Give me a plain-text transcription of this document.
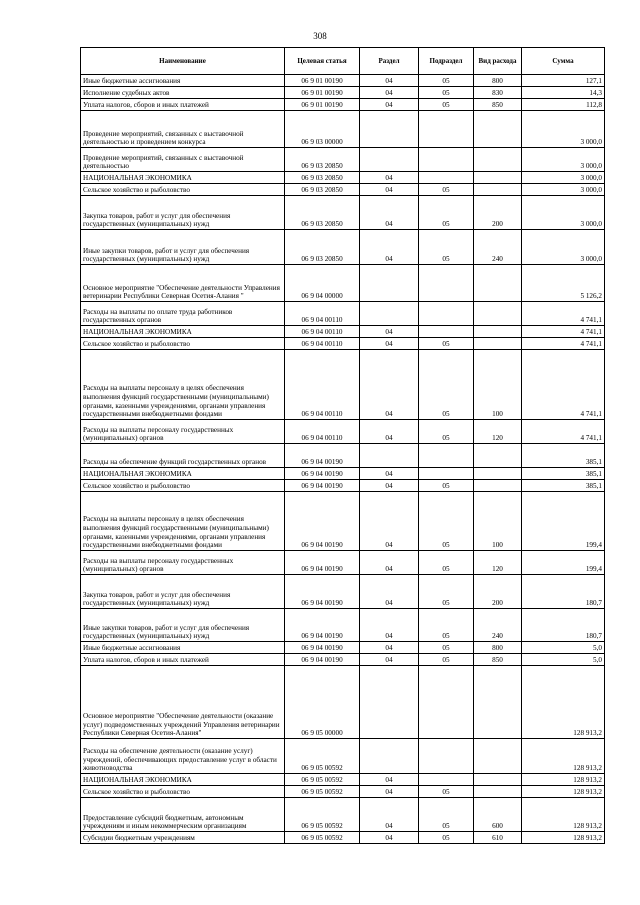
308
Наименование	Целевая статья	Раздел	Подраздел	Вид расхода	Сумма
Иные бюджетные ассигнования	06 9 01 00190	04	05	800	127,1
Исполнение судебных актов	06 9 01 00190	04	05	830	14,3
Уплата налогов, сборов и иных платежей	06 9 01 00190	04	05	850	112,8
Проведение мероприятий, связанных с выставочной деятельностью и проведением конкурса	06 9 03 00000				3 000,0
Проведение мероприятий, связанных с выставочной деятельностью	06 9 03 20850				3 000,0
НАЦИОНАЛЬНАЯ ЭКОНОМИКА	06 9 03 20850	04			3 000,0
Сельское хозяйство и рыболовство	06 9 03 20850	04	05		3 000,0
Закупка товаров, работ и услуг для обеспечения государственных (муниципальных) нужд	06 9 03 20850	04	05	200	3 000,0
Иные закупки товаров, работ и услуг для обеспечения государственных (муниципальных) нужд	06 9 03 20850	04	05	240	3 000,0
Основное мероприятие "Обеспечение деятельности Управления ветеринарии Республики Северная Осетия-Алания "	06 9 04 00000				5 126,2
Расходы на выплаты по оплате труда работников государственных органов	06 9 04 00110				4 741,1
НАЦИОНАЛЬНАЯ ЭКОНОМИКА	06 9 04 00110	04			4 741,1
Сельское хозяйство и рыболовство	06 9 04 00110	04	05		4 741,1
Расходы на выплаты персоналу в целях обеспечения выполнения функций государственными (муниципальными) органами, казенными учреждениями, органами управления государственными внебюджетными фондами	06 9 04 00110	04	05	100	4 741,1
Расходы на выплаты персоналу государственных (муниципальных) органов	06 9 04 00110	04	05	120	4 741,1
Расходы на обеспечение функций государственных органов	06 9 04 00190				385,1
НАЦИОНАЛЬНАЯ ЭКОНОМИКА	06 9 04 00190	04			385,1
Сельское хозяйство и рыболовство	06 9 04 00190	04	05		385,1
Расходы на выплаты персоналу в целях обеспечения выполнения функций государственными (муниципальными) органами, казенными учреждениями, органами управления государственными внебюджетными фондами	06 9 04 00190	04	05	100	199,4
Расходы на выплаты персоналу государственных (муниципальных) органов	06 9 04 00190	04	05	120	199,4
Закупка товаров, работ и услуг для обеспечения государственных (муниципальных) нужд	06 9 04 00190	04	05	200	180,7
Иные закупки товаров, работ и услуг для обеспечения государственных (муниципальных) нужд	06 9 04 00190	04	05	240	180,7
Иные бюджетные ассигнования	06 9 04 00190	04	05	800	5,0
Уплата налогов, сборов и иных платежей	06 9 04 00190	04	05	850	5,0
Основное мероприятие "Обеспечение деятельности (оказание услуг) подведомственных учреждений Управления ветеринарии Республики Северная Осетия-Алания"	06 9 05 00000				128 913,2
Расходы на обеспечение деятельности (оказание услуг) учреждений, обеспечивающих предоставление услуг в области животноводства	06 9 05 00592				128 913,2
НАЦИОНАЛЬНАЯ ЭКОНОМИКА	06 9 05 00592	04			128 913,2
Сельское хозяйство и рыболовство	06 9 05 00592	04	05		128 913,2
Предоставление субсидий бюджетным, автономным учреждениям и иным некоммерческим организациям	06 9 05 00592	04	05	600	128 913,2
Субсидии бюджетным учреждениям	06 9 05 00592	04	05	610	128 913,2
